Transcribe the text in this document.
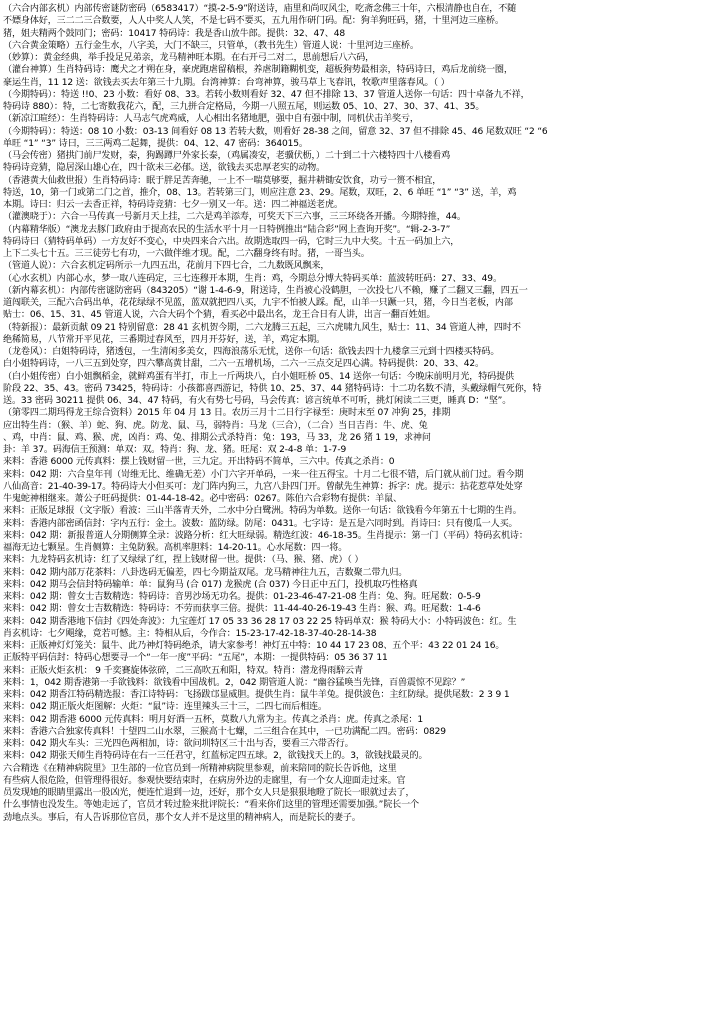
（六合内部玄机）内部传密谜防密码（6583417）“摸-2-5-9”附送诗，庙里和尚叹风尘，吃斋念佛三十年，六根清静也自在，不随
不嫖身体好，三二二三合数要，人人中奖人人笑，不是七码不要买，五九用作研门码。配：狗羊狗旺码，猪，十里河边三座桥。
猪，姐夫精两个鼓同门；密码：10417 特码诗：我是香山放牛郎。提供：32、47、48
（六合黄金策略）五行金生水，八字美，大门不缺三，只管单，（教书先生）管道人说：十里河边三座桥。
（妙算）：黄金经典，举手投足兄弟亲，龙马精神旺本期。在右开弓二对二，思前想后八六码，
（灌台神算）生肖特码诗：鹰犬之才朔在身，豪虎跑虐留稿根，养虐制籍糊机变，超板狗势最相亲，特码诗曰，鸡后龙前绕一圈，
豪运生肖，11 12 送：欲钱去买去年第三十九期。台湾神算：台弯神算，骏马草上飞春讯，牧歌声里落春风。（ ）
（今期特码）：特送 !!0、23 小数：看好 08、33。若转小数则看好 32、47 但不排除 13、37 管道人送你一句话：四十卓备九不祥，
特码诗 880）：特，二七寄数我花六，配，三九拼合定格局，今期一八照五尾，则运数 05、10、27、30、37、41、35。
（新凉江暄经）：生肖特码诗：人马志气虎鸡威，人心相出名猪地肥，强中自有强中制，同机伏击羊奖亏，
（今期特码）：特送：08 10 小数：03-13 间看好 08 13 若转大数，则看好 28-38 之间，留意 32、37 但不排除 45、46 尾数双旺 “2 “6
单旺 “1” “3” 诗曰，三三两鸡二起舞，提供：04、12、47 密码：364015。
（马会传密）猪拱门前尸发财，泰，狗踢蹲尸外家长泰，（鸡属凑安，老骥伏枥，）二十到二十六楼特四十八楼看鸡
特码诗竞猜，隐居深山雄心在，四十欲未三必郁。送，欲钱去买忠厚老实的动物。
（香港黄大仙救世报）生肖特码诗：眠于胖足苦奔驰，一上不一喘莫够要，掘井耕锄安饮食，功亏一篑不相宜，
特送，10，第一门或第二门之首，推介，08、13。若转第三门，则应注意 23、29。尾数，双旺，2、6 单旺 “1” “3” 送，羊，鸡
本期。诗曰：归云一去香正祥，特码诗竞猜：七夕一别又一年。送：四二神福送老虎。
（灌澳晓于）：六合一马传真一号新月天上挂，二六是鸡羊添寿，可奖天下三六事，三三环绕各开播。今期特推，44。
（内幕精华版）“澳龙去豚门政府由于提高农民的生活水平十月一日特例推出“陆合彩”网上查询开奖”。“辑-2-3-7”
特码诗曰（猜特码单码）一方友好不变心，中央四来合六出。故期选取四一码，它时三九中大奖。十五一码加上六，
上下二头七十五。三三徒劳七有功，一六做伴维才现。配，二六翻身终有时。猪，一哥当头。
（管道人说）：六合玄机定码所示一九四五出，花前月下四七合，二九数既风飘来，
（心水玄机）内部心水，梦一取八连码定，三七连穆开本期，生肖：鸡，今期总分博大特码买单：蓝波转旺码：27、33、49。
（新内幕玄机）：内部传密谜防密码（843205）“谢 1-4-6-9，附送诗，生肖被心没鹤胆，一次投七八不赖，赚了二翻又三翻，四五一
道闯联关，三配六合码出单，花花绿绿不见蓝，蓝双就把四八买，九宇不怕被人踩。配，山羊一只蹶一只，猪，今日当老板，内部
贴士：06、15、31、45 管道人说，六合大码个个猜，看买必中最出名，龙王合日有人讲，出言一翻百姓姐。
（特新报）：最新贡献 09 21 特别留意：28 41 玄机贺今期，二六龙腾三五起，三六虎啸九风生，贴士：11、34 管道人神，四时不
绝稀简易，八节常开平见花，三番期过春风至，四月开芬好，送，羊，鸡定本期。
（龙卷风）：白姐特码诗，猪透包，一生清闲多美女，四海浪荡乐无忧，送你一句话：欲钱去四十九楼拿三元到十四楼买特码。
白小姐特码诗，一八三五到处穿，四六攀高黄甘甜，二六一五增机场，二六一三点交足四心满。特码提供：20、33、42。
（白小姐传密）白小姐飘稻金，就鲜鸡蛋有半打，市上一斤两块八，白小姐旺桥 05、14 送你一句话：今晚床前明月光，特码提供
阶段 22、35、43。密码 73425，特码诗：小孩都喜西游记，特供 10、25、37、44 猪特码诗：十二功名数不清，头戴绿帽气死你，特
送。33 密码 30211 提供 06、34、47 特码，有火有势七号码，马会传真：谚言统单不可听，挑灯闲读二三更，睡真 D：“坚”。
（第零四二期玛得龙王综合资料）2015 年 04 月 13 日。农历三月十二日行字禄至：庚时末至 07 冲狗 25，排期
应出特生肖：（猴、羊）蛇、狗、虎。防龙、鼠、马，弱特肖：马龙（三合），（二合）当日吉肖：牛、虎、兔
、鸡，中肖：鼠、鸡、猴、虎，凶肖：鸡、兔、排期公式杀特肖：兔：193，马 33，龙 26 猪 1 19，求神问
卦：羊 37。码海信王预测：单双：双。特肖：狗、龙、猪。旺尾：双 2-4-8 单：1-7-9
来料：香港 6000 元传真料：摆上钱财留一世，三九定。开出特码不简单，三六中。传真之杀肖：0
来料：042 期：六合皇年刊（岢维无比、维确无差）小门六字开单码，一来一往五得宝。十月二七很不错，后门就从前门过。看今期
八仙高音：21-40-39-17。特码诗大小但买可：龙门阵内狗三，九宫八卦四门开。曾献先生神算：拆字：虎。提示：拈花惹草处处穿
牛鬼蛇神相继来。萧公子旺码提供：01-44-18-42。必中密码：0267。陈伯六合彩物有提供：羊鼠、
来料：正版足球报（文字版）看波：三山半落青天外，二水中分白鹭洲。特码为单数。送你一句话：欲钱看今年第五十七期的生肖。
来料：香港内部密函信封：字内五行：金土。波数：蓝防绿。防尾：0431。七字诗：是五是六同时到。肖诗曰：只有傻瓜一人买。
来料：042 期：新报普道人分期侧算全录：波路分析：红大旺绿弱。精选红波：46-18-35。生肖提示：第一门（平码）特码玄机诗：
福海无边七颗星。生肖侧算：主兔防猴。高机率胆料：14-20-11。心水尾数：四一将。
来料：九龙特码玄机诗：红了又绿绿了红，捏上钱财留一世。提供：（马、猴、猪、虎）（ ）
来料：042 期内部万花茶料：八卦选码无偏差，四七今期益双尾。龙马精神往九五，吉数聚二带九归。
来料：042 期马会信封特码输单：单：鼠狗马 (合 017) 龙猴虎 (合 037) 今日正中五门，投机取巧性格真
来料：042 期：曾女士吉数精选：特码诗：音男沙场无功名。提供：01-23-46-47-21-08 生肖：兔、狗。旺尾数：0-5-9
来料：042 期：曾女士吉数精选：特码诗：不劳而获享三倍。提供：11-44-40-26-19-43 生肖：猴、鸡。旺尾数：1-4-6
来料：042 期香港地下信封《四处奔波》：九宝莲灯 17 05 33 36 28 17 03 22 25 特码单双：猴 特码大小：小特码波色：红。生
肖玄机诗：七夕飓缘，竟若可憾。主：特相从后，今作合：15-23-17-42-18-37-40-28-14-38
来料：正版神灯灯笼关：鼠牛、此乃神灯特码绝杀，请大家参考！神灯五中特：10 44 17 23 08、五个平：43 22 01 24 16。
正版特平码信封：特码心想要寻一个“一年一度”平码：“五尾”，本期：一提供特码：05 36 37 11
来料：正版火炬玄机： 9 千奕賽旋体弦碎，二三高吹五和阳，特双。特肖：潜龙得雨騂云青
来料：1，042 期香港第一手欲钱料：欲钱看中国战机。2，042 期管道人说：“幽谷猛唤当先锋，百兽震惊不见踪？”
来料：042 期香江特码精选报：香江诗特码：飞扬跋邙显威胆。提供生肖：鼠牛羊兔。提供波色：主红防绿。提供尾数：2 3 9 1
来料：042 期正版火炬图解：火炬：“鼠”诗：连里辣头三十三，二四七而后相连。
来料：042 期香港 6000 元传真料：明月好酒一五杯，莫数八九常为主。传真之杀肖：虎。传真之杀尾：1
来料：香港六合独家传真料！十望四二山水翠，三猴高十七螺，二三组合在其中，一已功满配二四。密码：0829
来料：042 期火车头：三光四色两相加，诗：欲问圳特区三十出与否，要看三六带否行。
来料：042 期张天师生肖特码诗在右一三任君守，红蓝标定四五球。2，欲钱找天上的。3，欲钱找最灵的。
六合精选《在精神病院里》卫生部的一位官员到一所精神病院里参观，前来陪同的院长告诉他，这里
有些病人很危险，但管理得很好。参观快要结束时，在病房外边的走廊里，有一个女人迎面走过来。官
员发现她的眼睛里露出一股凶光，便连忙退到一边，还好，那个女人只是狠狠地瞪了院长一眼就过去了，
什么事情也没发生。等她走远了，官员才转过脸来批评院长：“看来你们这里的管理还需要加强。”院长一个
劲地点头。事后，有人告诉那位官员，那个女人并不是这里的精神病人，而是院长的妻子。
